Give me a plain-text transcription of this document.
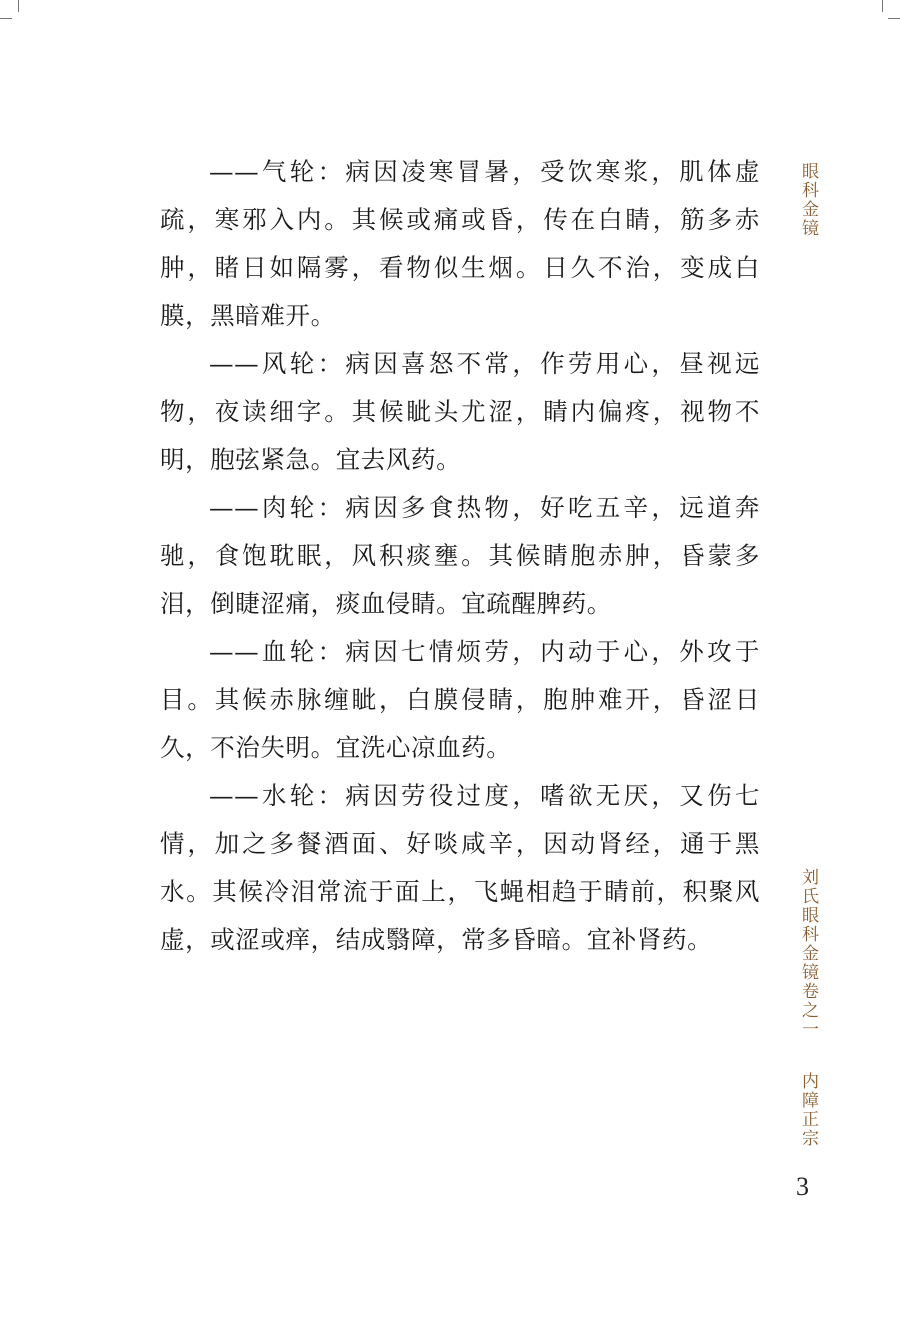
——气轮：病因凌寒冒暑，受饮寒浆，肌体虚疏，寒邪入内。其候或痛或昏，传在白睛，筋多赤肿，睹日如隔雾，看物似生烟。日久不治，变成白膜，黑暗难开。

——风轮：病因喜怒不常，作劳用心，昼视远物，夜读细字。其候眦头尤涩，睛内偏疼，视物不明，胞弦紧急。宜去风药。

——肉轮：病因多食热物，好吃五辛，远道奔驰，食饱耽眠，风积痰壅。其候睛胞赤肿，昏蒙多泪，倒睫涩痛，痰血侵睛。宜疏醒脾药。

——血轮：病因七情烦劳，内动于心，外攻于目。其候赤脉缠眦，白膜侵睛，胞肿难开，昏涩日久，不治失明。宜洗心凉血药。

——水轮：病因劳役过度，嗜欲无厌，又伤七情，加之多餐酒面、好啖咸辛，因动肾经，通于黑水。其候冷泪常流于面上，飞蝇相趋于睛前，积聚风虚，或涩或痒，结成翳障，常多昏暗。宜补肾药。

眼科金镜
刘氏眼科金镜卷之一
内障正宗
3
